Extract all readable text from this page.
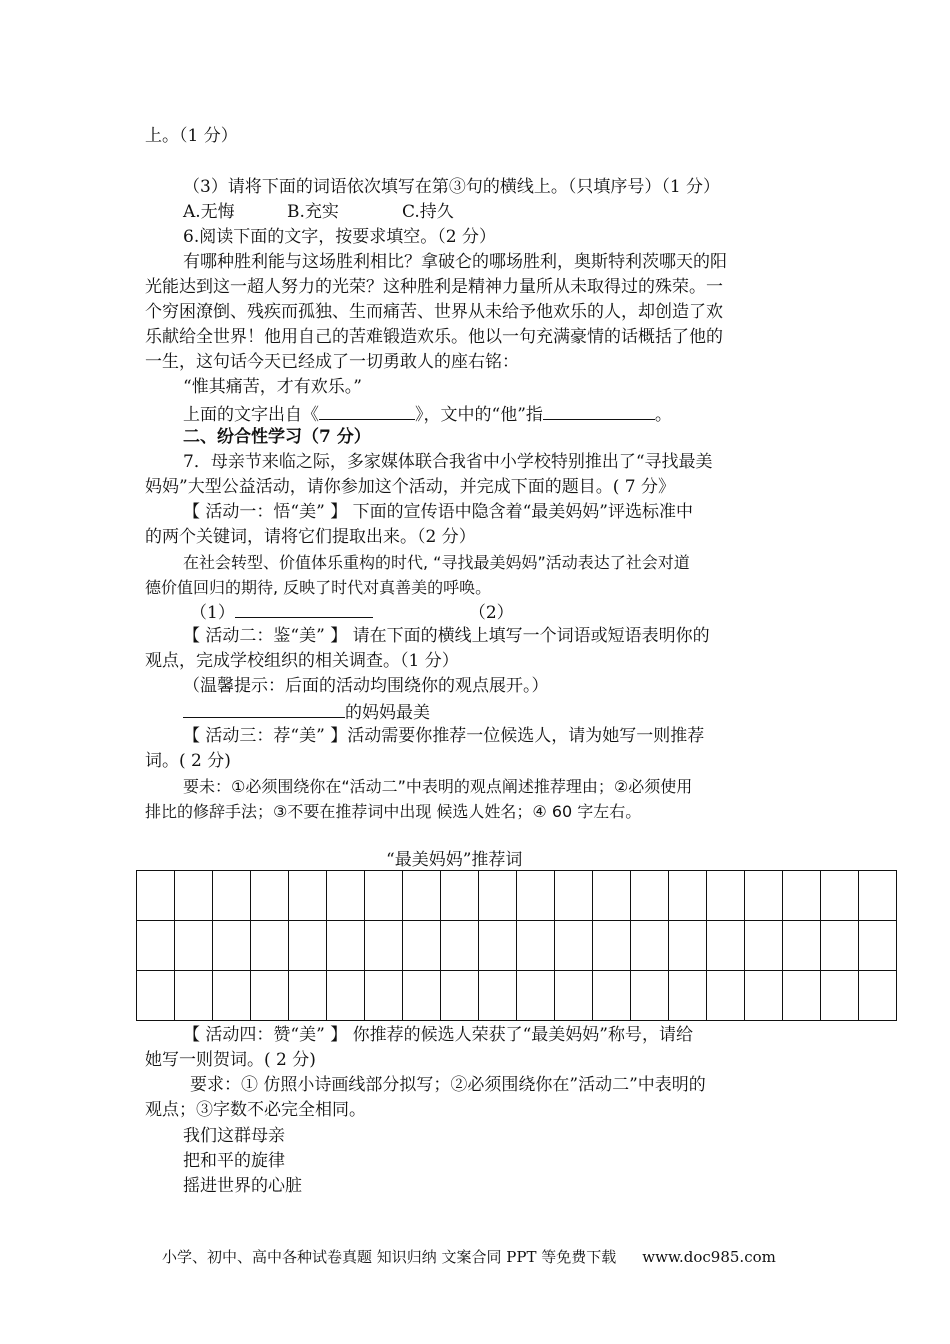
上。（1 分）
（3）请将下面的词语依次填写在第③句的横线上。（只填序号）（1 分）
A.无悔	B.充实	C.持久
6.阅读下面的文字，按要求填空。（2 分）
有哪种胜利能与这场胜利相比？拿破仑的哪场胜利，奥斯特利茨哪天的阳
光能达到这一超人努力的光荣？这种胜利是精神力量所从未取得过的殊荣。一
个穷困潦倒、残疾而孤独、生而痛苦、世界从未给予他欢乐的人，却创造了欢
乐献给全世界！他用自己的苦难锻造欢乐。他以一句充满豪情的话概括了他的
一生，这句话今天已经成了一切勇敢人的座右铭：
“惟其痛苦，才有欢乐。”
上面的文字出自《	》，文中的“他”指	。
二、纷合性学习（7 分）
7．母亲节来临之际，多家媒体联合我省中小学校特别推出了“寻找最美
妈妈”大型公益活动，请你参加这个活动，并完成下面的题目。( 7 分》
【 活动一：悟“美” 】 下面的宣传语中隐含着“最美妈妈”评选标准中
的两个关键词，请将它们提取出来。（2 分）
在社会转型、价值体乐重构的时代, “寻找最美妈妈”活动表达了社会对道
德价值回归的期待, 反映了时代对真善美的呼唤。
（1）	（2）
【 活动二：鉴“美” 】 请在下面的横线上填写一个词语或短语表明你的
观点，完成学校组织的相关调查。（1 分）
（温馨提示：后面的活动均围绕你的观点展开。）
的妈妈最美
【 活动三：荐“美” 】活动需要你推荐一位候选人，请为她写一则推荐
词。( 2 分)
要未：①必须围绕你在“活动二”中表明的观点阐述推荐理由；②必须使用
排比的修辞手法；③不要在推荐词中出现 候选人姓名；④ 60 字左右。
“最美妈妈”推荐词

【 活动四：赞“美” 】 你推荐的候选人荣获了“最美妈妈”称号，请给
她写一则贺词。( 2 分)
要求：① 仿照小诗画线部分拟写；②必须围绕你在”活动二”中表明的
观点；③字数不必完全相同。
我们这群母亲
把和平的旋律
摇进世界的心脏
小学、初中、高中各种试卷真题 知识归纳 文案合同 PPT 等免费下载 www.doc985.com
